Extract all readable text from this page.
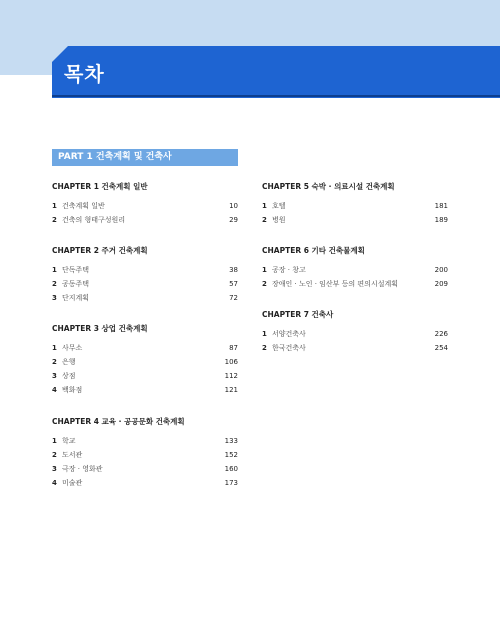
목차
PART 1 건축계획 및 건축사
CHAPTER 1 건축계획 일반
1 건축계획 일반	10
2 건축의 형태구성원리	29
CHAPTER 2 주거 건축계획
1 단독주택	38
2 공동주택	57
3 단지계획	72
CHAPTER 3 상업 건축계획
1 사무소	87
2 은행	106
3 상점	112
4 백화점	121
CHAPTER 4 교육 · 공공문화 건축계획
1 학교	133
2 도서관	152
3 극장 · 영화관	160
4 미술관	173
CHAPTER 5 숙박 · 의료시설 건축계획
1 호텔	181
2 병원	189
CHAPTER 6 기타 건축물계획
1 공장 · 창고	200
2 장애인 · 노인 · 임산부 등의 편의시설계획	209
CHAPTER 7 건축사
1 서양건축사	226
2 한국건축사	254
